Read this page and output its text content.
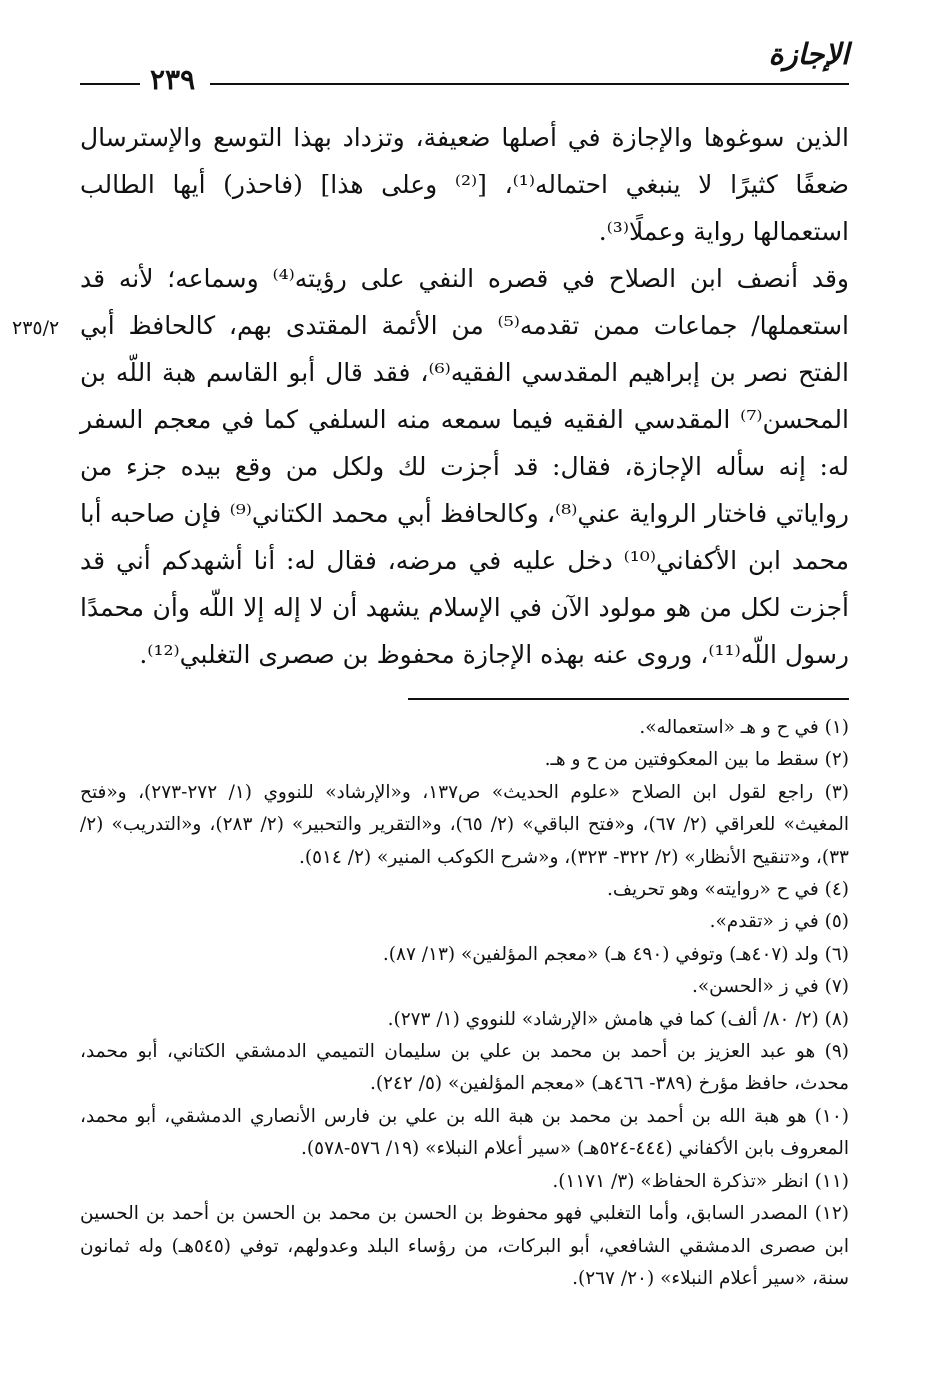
الإجازة
٢٣٩
الذين سوغوها والإجازة في أصلها ضعيفة، وتزداد بهذا التوسع والإسترسال ضعفًا كثيرًا لا ينبغي احتماله⁽¹⁾، [⁽²⁾ وعلى هذا] (فاحذر) أيها الطالب استعمالها رواية وعملًا⁽³⁾.
وقد أنصف ابن الصلاح في قصره النفي على رؤيته⁽⁴⁾ وسماعه؛ لأنه قد استعملها/ جماعات ممن تقدمه⁽⁵⁾ من الأئمة المقتدى بهم، كالحافظ أبي الفتح نصر بن إبراهيم المقدسي الفقيه⁽⁶⁾، فقد قال أبو القاسم هبة اللّه بن المحسن⁽⁷⁾ المقدسي الفقيه فيما سمعه منه السلفي كما في معجم السفر له: إنه سأله الإجازة، فقال: قد أجزت لك ولكل من وقع بيده جزء من رواياتي فاختار الرواية عني⁽⁸⁾، وكالحافظ أبي محمد الكتاني⁽⁹⁾ فإن صاحبه أبا محمد ابن الأكفاني⁽¹⁰⁾ دخل عليه في مرضه، فقال له: أنا أشهدكم أني قد أجزت لكل من هو مولود الآن في الإسلام يشهد أن لا إله إلا اللّه وأن محمدًا رسول اللّه⁽¹¹⁾، وروى عنه بهذه الإجازة محفوظ بن صصرى التغلبي⁽¹²⁾.
٢٣٥/٢
(١) في ح و هـ «استعماله».
(٢) سقط ما بين المعكوفتين من ح و هـ.
(٣) راجع لقول ابن الصلاح «علوم الحديث» ص١٣٧، و«الإرشاد» للنووي (١/ ٢٧٢-٢٧٣)، و«فتح المغيث» للعراقي (٢/ ٦٧)، و«فتح الباقي» (٢/ ٦٥)، و«التقرير والتحبير» (٢/ ٢٨٣)، و«التدريب» (٢/ ٣٣)، و«تنقيح الأنظار» (٢/ ٣٢٢- ٣٢٣)، و«شرح الكوكب المنير» (٢/ ٥١٤).
(٤) في ح «روايته» وهو تحريف.
(٥) في ز «تقدم».
(٦) ولد (٤٠٧هـ) وتوفي (٤٩٠ هـ) «معجم المؤلفين» (١٣/ ٨٧).
(٧) في ز «الحسن».
(٨) (٢/ ٨٠/ ألف) كما في هامش «الإرشاد» للنووي (١/ ٢٧٣).
(٩) هو عبد العزيز بن أحمد بن محمد بن علي بن سليمان التميمي الدمشقي الكتاني، أبو محمد، محدث، حافظ مؤرخ (٣٨٩- ٤٦٦هـ) «معجم المؤلفين» (٥/ ٢٤٢).
(١٠) هو هبة الله بن أحمد بن محمد بن هبة الله بن علي بن فارس الأنصاري الدمشقي، أبو محمد، المعروف بابن الأكفاني (٤٤٤-٥٢٤هـ) «سير أعلام النبلاء» (١٩/ ٥٧٦-٥٧٨).
(١١) انظر «تذكرة الحفاظ» (٣/ ١١٧١).
(١٢) المصدر السابق، وأما التغلبي فهو محفوظ بن الحسن بن محمد بن الحسن بن أحمد بن الحسين ابن صصرى الدمشقي الشافعي، أبو البركات، من رؤساء البلد وعدولهم، توفي (٥٤٥هـ) وله ثمانون سنة، «سير أعلام النبلاء» (٢٠/ ٢٦٧).
